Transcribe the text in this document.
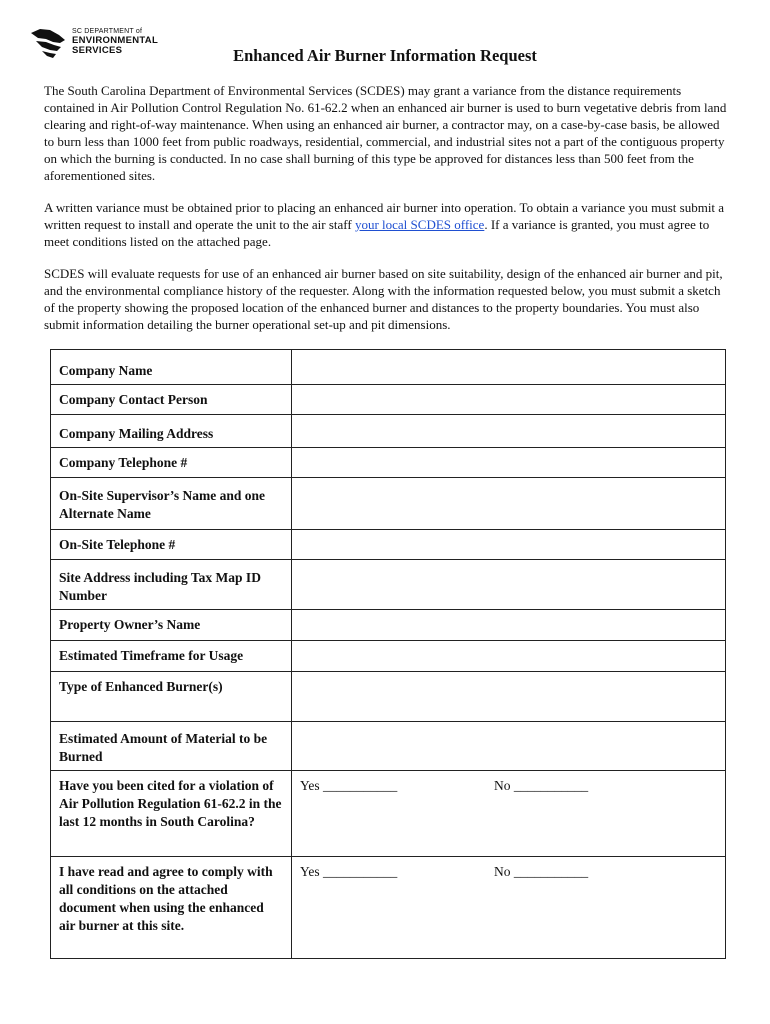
SC DEPARTMENT of
ENVIRONMENTAL
SERVICES	Enhanced Air Burner Information Request

The South Carolina Department of Environmental Services (SCDES) may grant a variance from the distance requirements contained in Air Pollution Control Regulation No. 61-62.2 when an enhanced air burner is used to burn vegetative debris from land clearing and right-of-way maintenance. When using an enhanced air burner, a contractor may, on a case-by-case basis, be allowed to burn less than 1000 feet from public roadways, residential, commercial, and industrial sites not a part of the contiguous property on which the burning is conducted. In no case shall burning of this type be approved for distances less than 500 feet from the aforementioned sites.

A written variance must be obtained prior to placing an enhanced air burner into operation. To obtain a variance you must submit a written request to install and operate the unit to the air staff your local SCDES office. If a variance is granted, you must agree to meet conditions listed on the attached page.

SCDES will evaluate requests for use of an enhanced air burner based on site suitability, design of the enhanced air burner and pit, and the environmental compliance history of the requester. Along with the information requested below, you must submit a sketch of the property showing the proposed location of the enhanced burner and distances to the property boundaries. You must also submit information detailing the burner operational set-up and pit dimensions.

Company Name	
Company Contact Person	
Company Mailing Address	
Company Telephone #	
On-Site Supervisor’s Name and one Alternate Name	
On-Site Telephone #	
Site Address including Tax Map ID Number	
Property Owner’s Name	
Estimated Timeframe for Usage	
Type of Enhanced Burner(s)	
Estimated Amount of Material to be Burned	
Have you been cited for a violation of Air Pollution Regulation 61-62.2 in the last 12 months in South Carolina?	Yes ___________ No ___________

I have read and agree to comply with all conditions on the attached document when using the enhanced air burner at this site.	Yes ___________ No ___________
